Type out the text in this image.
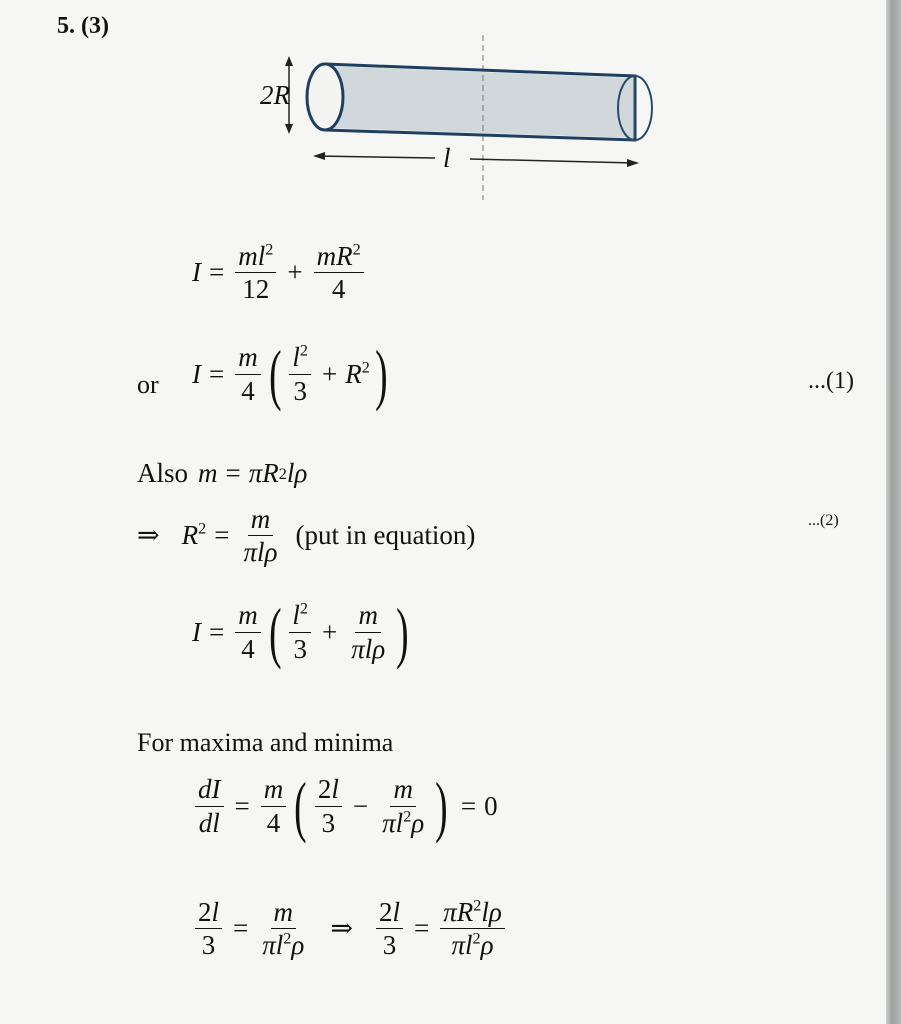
5. (3)
2R
l
$I = \frac{ml^2}{12} + \frac{mR^2}{4}$
or $I = \frac{m}{4}$ ( $\frac{l^2}{3} + R^2$ )	...(1)
Also m = π R 2 l ρ
⇒ $R^2 = \frac{m}{\text{πlρ}} (put$ in equation)	...(2)
$I = \frac{m}{4}$ ( $\frac{l^2}{3} + \frac{m}{\text{πlρ}}$ )
For maxima and minima
$\frac{dI}{dl} = \frac{m}{4}$ ( $\frac{2l}{3} - \frac{m}{\pi l^2\rho}$ ) = 0
$\frac{2l}{3} = \frac{m}{\pi l^2\rho}$ ⇒ $\frac{2l}{3} = \frac{\pi R^2l\rho}{\pi l^2\rho}$
